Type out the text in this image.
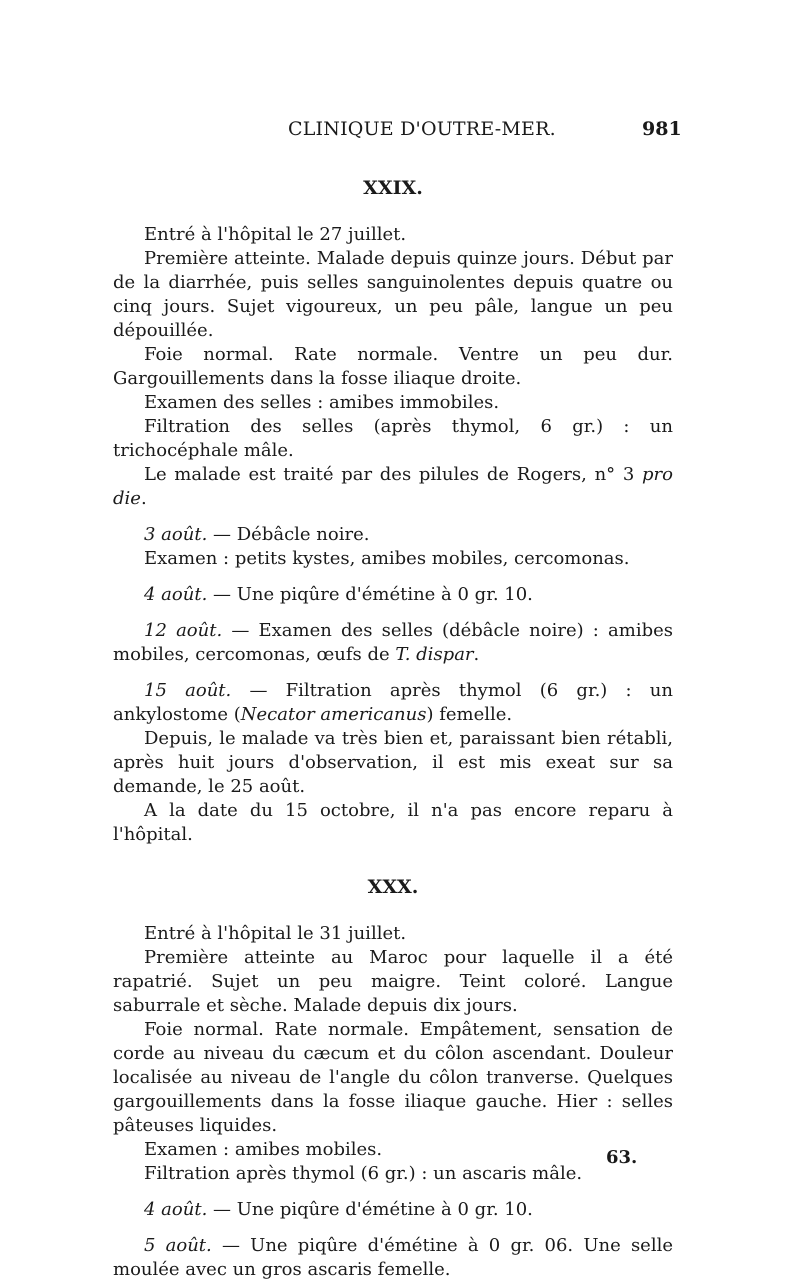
CLINIQUE D'OUTRE-MER.	981
XXIX.

Entré à l'hôpital le 27 juillet.

Première atteinte. Malade depuis quinze jours. Début par de la diarrhée, puis selles sanguinolentes depuis quatre ou cinq jours. Sujet vigoureux, un peu pâle, langue un peu dépouillée.

Foie normal. Rate normale. Ventre un peu dur. Gargouillements dans la fosse iliaque droite.

Examen des selles : amibes immobiles.

Filtration des selles (après thymol, 6 gr.) : un trichocéphale mâle.

Le malade est traité par des pilules de Rogers, n° 3 pro die.

3 août. — Débâcle noire.

Examen : petits kystes, amibes mobiles, cercomonas.

4 août. — Une piqûre d'émétine à 0 gr. 10.

12 août. — Examen des selles (débâcle noire) : amibes mobiles, cercomonas, œufs de T. dispar.

15 août. — Filtration après thymol (6 gr.) : un ankylostome (Necator americanus) femelle.

Depuis, le malade va très bien et, paraissant bien rétabli, après huit jours d'observation, il est mis exeat sur sa demande, le 25 août.

A la date du 15 octobre, il n'a pas encore reparu à l'hôpital.

XXX.

Entré à l'hôpital le 31 juillet.

Première atteinte au Maroc pour laquelle il a été rapatrié. Sujet un peu maigre. Teint coloré. Langue saburrale et sèche. Malade depuis dix jours.

Foie normal. Rate normale. Empâtement, sensation de corde au niveau du cæcum et du côlon ascendant. Douleur localisée au niveau de l'angle du côlon tranverse. Quelques gargouillements dans la fosse iliaque gauche. Hier : selles pâteuses liquides.

Examen : amibes mobiles.

Filtration après thymol (6 gr.) : un ascaris mâle.

4 août. — Une piqûre d'émétine à 0 gr. 10.

5 août. — Une piqûre d'émétine à 0 gr. 06. Une selle moulée avec un gros ascaris femelle.

63.
